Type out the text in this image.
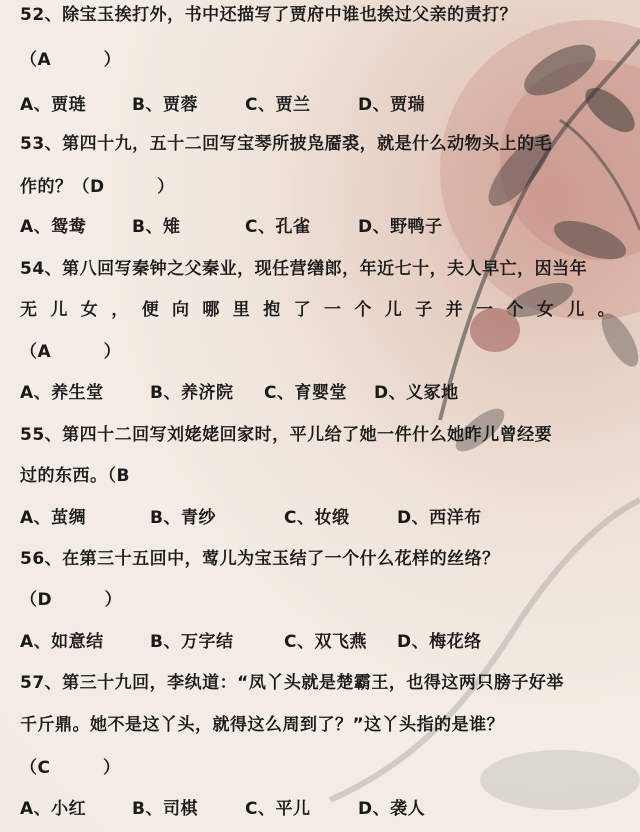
52、除宝玉挨打外，书中还描写了贾府中谁也挨过父亲的责打？
（A　　　）
A、贾琏	B、贾蓉	C、贾兰	D、贾瑞
53、第四十九，五十二回写宝琴所披凫靥裘，就是什么动物头上的毛
作的？（D　　　）
A、鸳鸯	B、雉	C、孔雀	D、野鸭子
54、第八回写秦钟之父秦业，现任营缮郎，年近七十，夫人早亡，因当年
无儿女，便向哪里抱了一个儿子并一个女儿。
（A　　　）
A、养生堂	B、养济院	C、育婴堂	D、义冢地
55、第四十二回写刘姥姥回家时，平儿给了她一件什么她昨儿曾经要
过的东西。（B　　　
A、茧绸	B、青纱	C、妆缎	D、西洋布
56、在第三十五回中，莺儿为宝玉结了一个什么花样的丝络？
（D　　　）
A、如意结	B、万字结	C、双飞燕	D、梅花络
57、第三十九回，李纨道：“凤丫头就是楚霸王，也得这两只膀子好举
千斤鼎。她不是这丫头，就得这么周到了？”这丫头指的是谁？
（C　　　）
A、小红	B、司棋	C、平儿	D、袭人
